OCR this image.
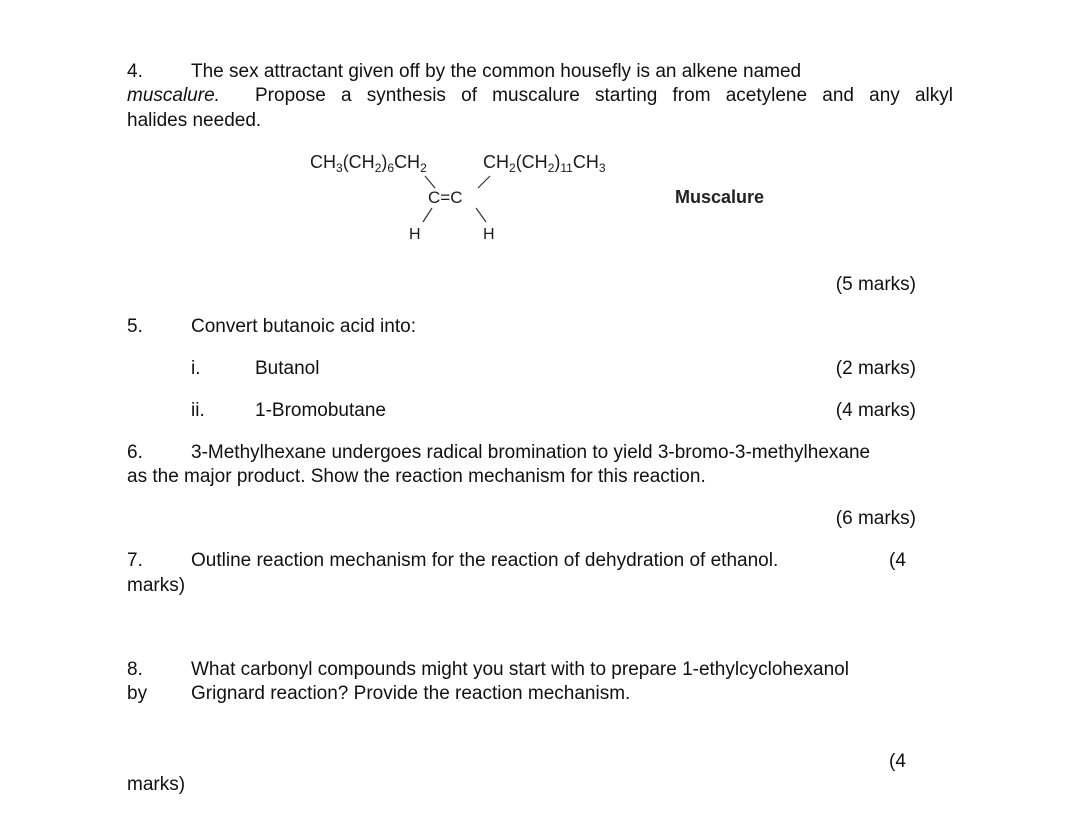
4.	The sex attractant given off by the common housefly is an alkene named
muscalure. Propose a synthesis of muscalure starting from acetylene and any alkyl
halides needed.
$CH_3(CH_2)_6CH_2$	$CH_2(CH_2)_{11}CH_3$
C=C
H	H
Muscalure
(5 marks)
5.	Convert butanoic acid into:
i.	Butanol	(2 marks)
ii.	1-Bromobutane	(4 marks)
6.	3-Methylhexane undergoes radical bromination to yield 3-bromo-3-methylhexane
as the major product. Show the reaction mechanism for this reaction.
(6 marks)
7.	Outline reaction mechanism for the reaction of dehydration of ethanol.	(4
marks)
8.	What carbonyl compounds might you start with to prepare 1-ethylcyclohexanol
by Grignard reaction? Provide the reaction mechanism.
(4
marks)
